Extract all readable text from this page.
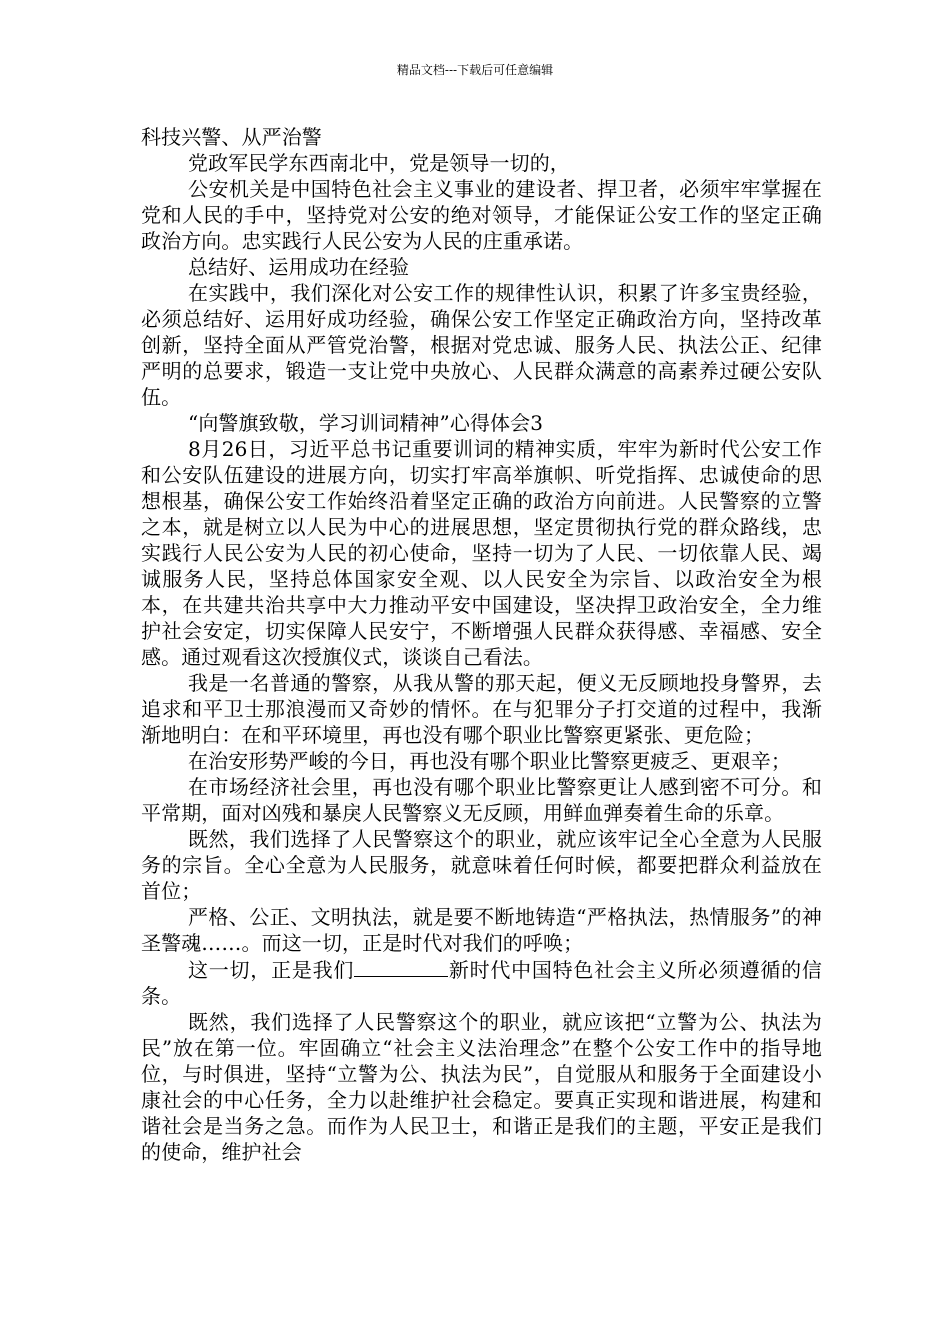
精品文档---下载后可任意编辑

科技兴警、从严治警

党政军民学东西南北中，党是领导一切的，

公安机关是中国特色社会主义事业的建设者、捍卫者，必须牢牢掌握在党和人民的手中，坚持党对公安的绝对领导，才能保证公安工作的坚定正确政治方向。忠实践行人民公安为人民的庄重承诺。

总结好、运用成功在经验

在实践中，我们深化对公安工作的规律性认识，积累了许多宝贵经验，必须总结好、运用好成功经验，确保公安工作坚定正确政治方向，坚持改革创新，坚持全面从严管党治警，根据对党忠诚、服务人民、执法公正、纪律严明的总要求，锻造一支让党中央放心、人民群众满意的高素养过硬公安队伍。

“向警旗致敬，学习训词精神”心得体会3

8月26日，习近平总书记重要训词的精神实质，牢牢为新时代公安工作和公安队伍建设的进展方向，切实打牢高举旗帜、听党指挥、忠诚使命的思想根基，确保公安工作始终沿着坚定正确的政治方向前进。人民警察的立警之本，就是树立以人民为中心的进展思想，坚定贯彻执行党的群众路线，忠实践行人民公安为人民的初心使命，坚持一切为了人民、一切依靠人民、竭诚服务人民，坚持总体国家安全观、以人民安全为宗旨、以政治安全为根本，在共建共治共享中大力推动平安中国建设，坚决捍卫政治安全，全力维护社会安定，切实保障人民安宁，不断增强人民群众获得感、幸福感、安全感。通过观看这次授旗仪式，谈谈自己看法。

我是一名普通的警察，从我从警的那天起，便义无反顾地投身警界，去追求和平卫士那浪漫而又奇妙的情怀。在与犯罪分子打交道的过程中，我渐渐地明白：在和平环境里，再也没有哪个职业比警察更紧张、更危险；

在治安形势严峻的今日，再也没有哪个职业比警察更疲乏、更艰辛；

在市场经济社会里，再也没有哪个职业比警察更让人感到密不可分。和平常期，面对凶残和暴戾人民警察义无反顾，用鲜血弹奏着生命的乐章。

既然，我们选择了人民警察这个的职业，就应该牢记全心全意为人民服务的宗旨。全心全意为人民服务，就意味着任何时候，都要把群众利益放在首位；

严格、公正、文明执法，就是要不断地铸造“严格执法，热情服务”的神圣警魂……。而这一切，正是时代对我们的呼唤；

这一切，正是我们	新时代中国特色社会主义所必须遵循的信条。

既然，我们选择了人民警察这个的职业，就应该把“立警为公、执法为民”放在第一位。牢固确立“社会主义法治理念”在整个公安工作中的指导地位，与时俱进，坚持“立警为公、执法为民”，自觉服从和服务于全面建设小康社会的中心任务，全力以赴维护社会稳定。要真正实现和谐进展，构建和谐社会是当务之急。而作为人民卫士，和谐正是我们的主题，平安正是我们的使命，维护社会
